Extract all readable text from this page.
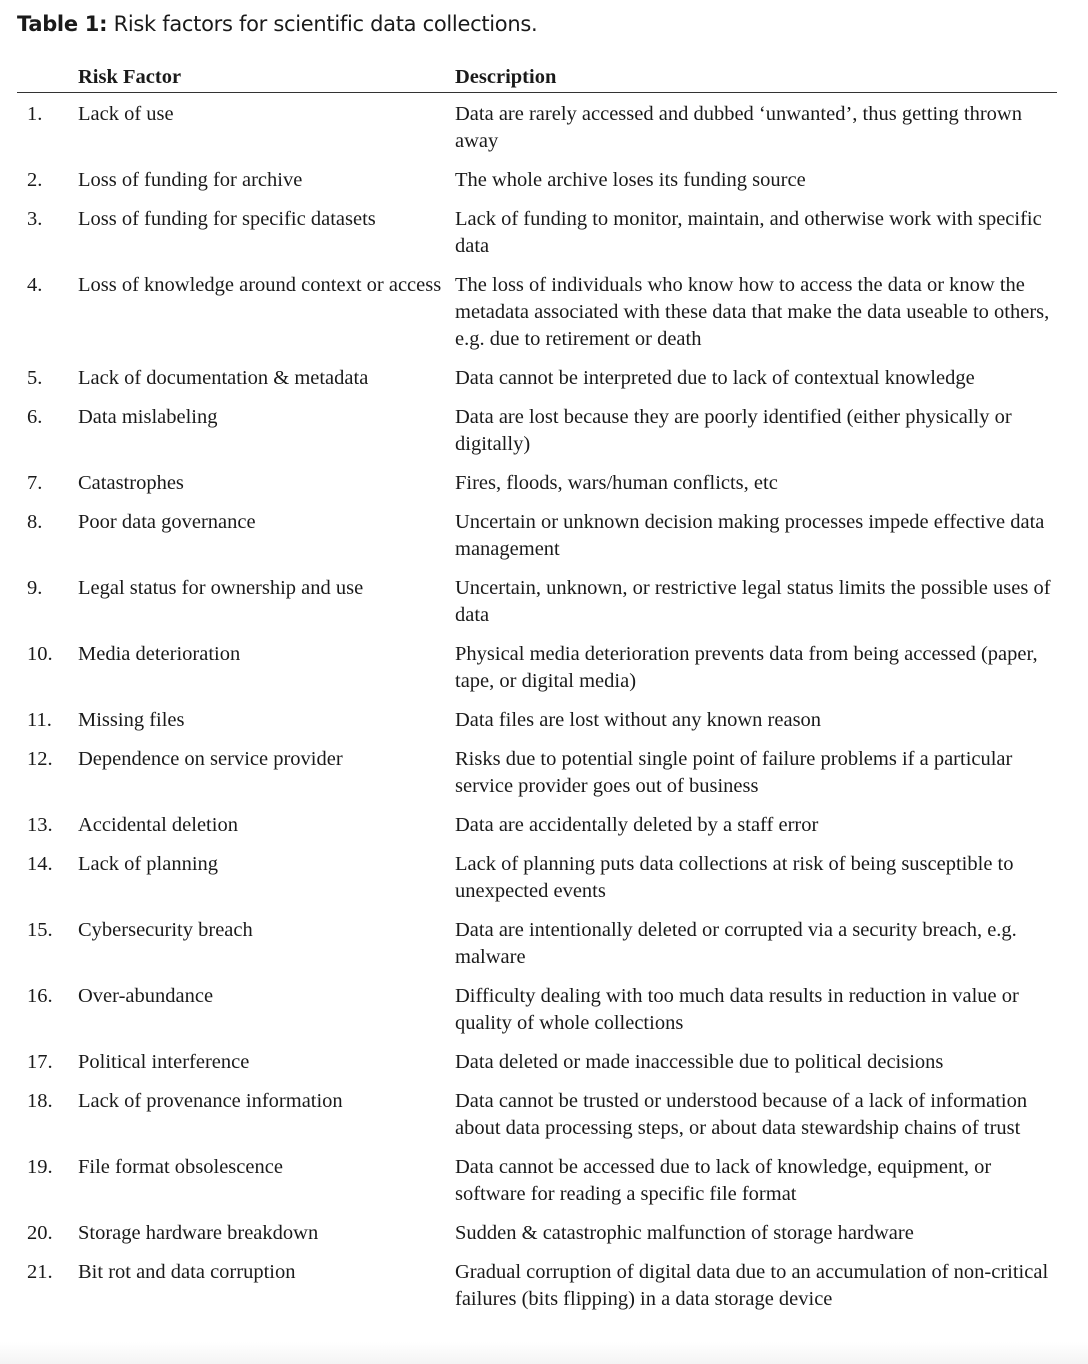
Table 1: Risk factors for scientific data collections.
	Risk Factor	Description
1.	Lack of use	Data are rarely accessed and dubbed ‘unwanted’, thus getting thrown away
2.	Loss of funding for archive	The whole archive loses its funding source
3.	Loss of funding for specific datasets	Lack of funding to monitor, maintain, and otherwise work with specific data
4.	Loss of knowledge around context or access	The loss of individuals who know how to access the data or know the metadata associated with these data that make the data useable to others, e.g. due to retirement or death
5.	Lack of documentation & metadata	Data cannot be interpreted due to lack of contextual knowledge
6.	Data mislabeling	Data are lost because they are poorly identified (either physically or digitally)
7.	Catastrophes	Fires, floods, wars/human conflicts, etc
8.	Poor data governance	Uncertain or unknown decision making processes impede effective data management
9.	Legal status for ownership and use	Uncertain, unknown, or restrictive legal status limits the possible uses of data
10.	Media deterioration	Physical media deterioration prevents data from being accessed (paper, tape, or digital media)
11.	Missing files	Data files are lost without any known reason
12.	Dependence on service provider	Risks due to potential single point of failure problems if a particular service provider goes out of business
13.	Accidental deletion	Data are accidentally deleted by a staff error
14.	Lack of planning	Lack of planning puts data collections at risk of being susceptible to unexpected events
15.	Cybersecurity breach	Data are intentionally deleted or corrupted via a security breach, e.g. malware
16.	Over-abundance	Difficulty dealing with too much data results in reduction in value or quality of whole collections
17.	Political interference	Data deleted or made inaccessible due to political decisions
18.	Lack of provenance information	Data cannot be trusted or understood because of a lack of information about data processing steps, or about data stewardship chains of trust
19.	File format obsolescence	Data cannot be accessed due to lack of knowledge, equipment, or software for reading a specific file format
20.	Storage hardware breakdown	Sudden & catastrophic malfunction of storage hardware
21.	Bit rot and data corruption	Gradual corruption of digital data due to an accumulation of non-critical failures (bits flipping) in a data storage device
